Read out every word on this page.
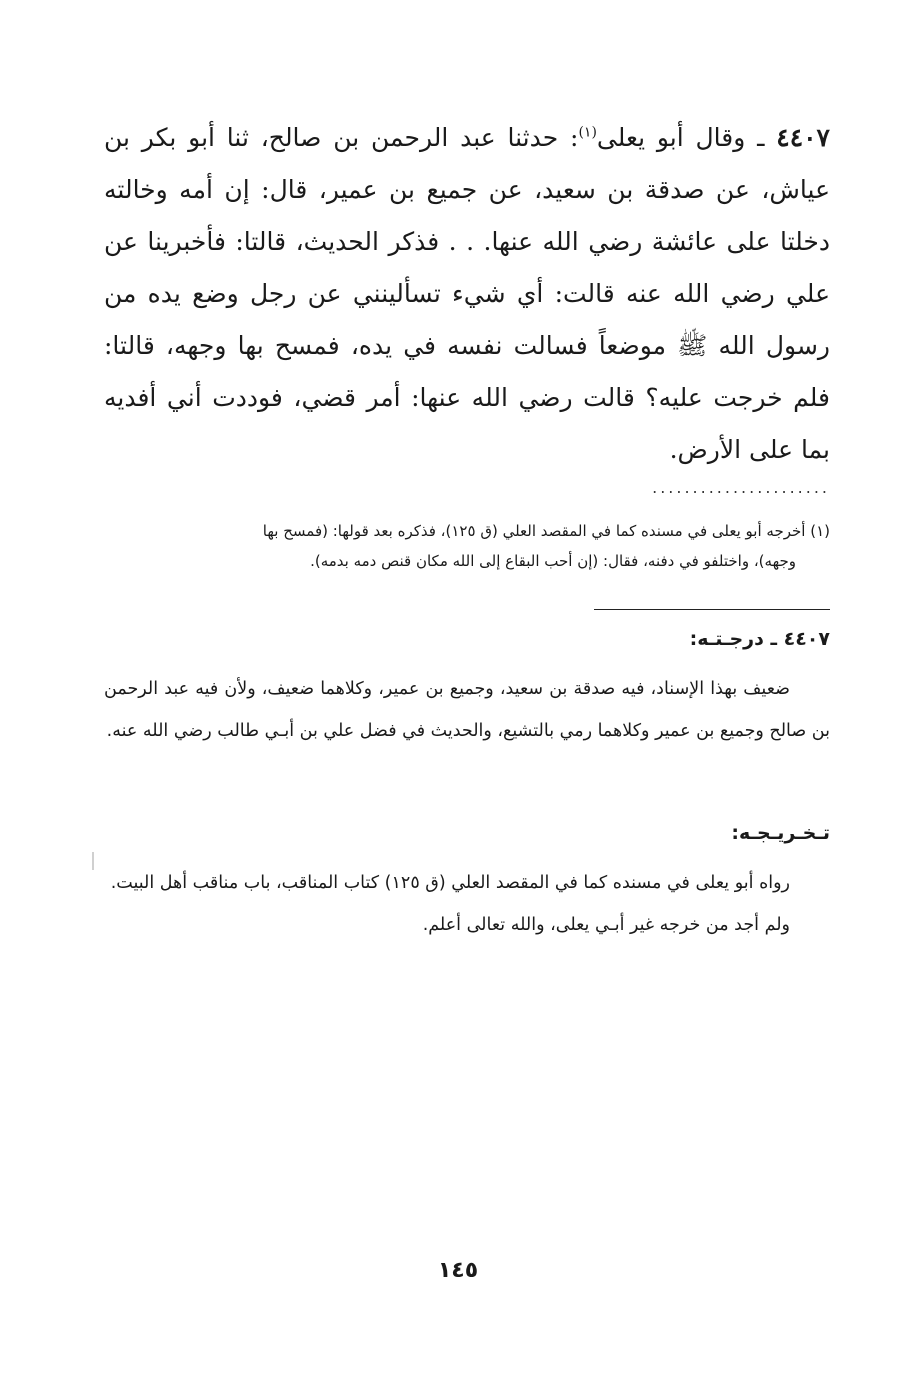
٤٤٠٧ ـ وقال أبو يعلى$^{(١)}$: حدثنا عبد الرحمن بن صالح، ثنا أبو بكر بن عياش، عن صدقة بن سعيد، عن جميع بن عمير، قال: إن أمه وخالته دخلتا على عائشة رضي الله عنها. . . فذكر الحديث، قالتا: فأخبرينا عن علي رضي الله عنه قالت: أي شيء تسألينني عن رجل وضع يده من رسول الله ﷺ موضعاً فسالت نفسه في يده، فمسح بها وجهه، قالتا: فلم خرجت عليه؟ قالت رضي الله عنها: أمر قضي، فوددت أني أفديه بما على الأرض.
......................
(١) أخرجه أبو يعلى في مسنده كما في المقصد العلي (ق ١٢٥)، فذكره بعد قولها: (فمسح بها
وجهه)، واختلفو في دفنه، فقال: (إن أحب البقاع إلى الله مكان قنص دمه بدمه).
٤٤٠٧ ـ درجـتـه:

ضعيف بهذا الإسناد، فيه صدقة بن سعيد، وجميع بن عمير، وكلاهما ضعيف، ولأن فيه عبد الرحمن بن صالح وجميع بن عمير وكلاهما رمي بالتشيع، والحديث في فضل علي بن أبـي طالب رضي الله عنه.

تـخـريـجـه:

رواه أبو يعلى في مسنده كما في المقصد العلي (ق ١٢٥) كتاب المناقب، باب مناقب أهل البيت.

ولم أجد من خرجه غير أبـي يعلى، والله تعالى أعلم.

١٤٥
